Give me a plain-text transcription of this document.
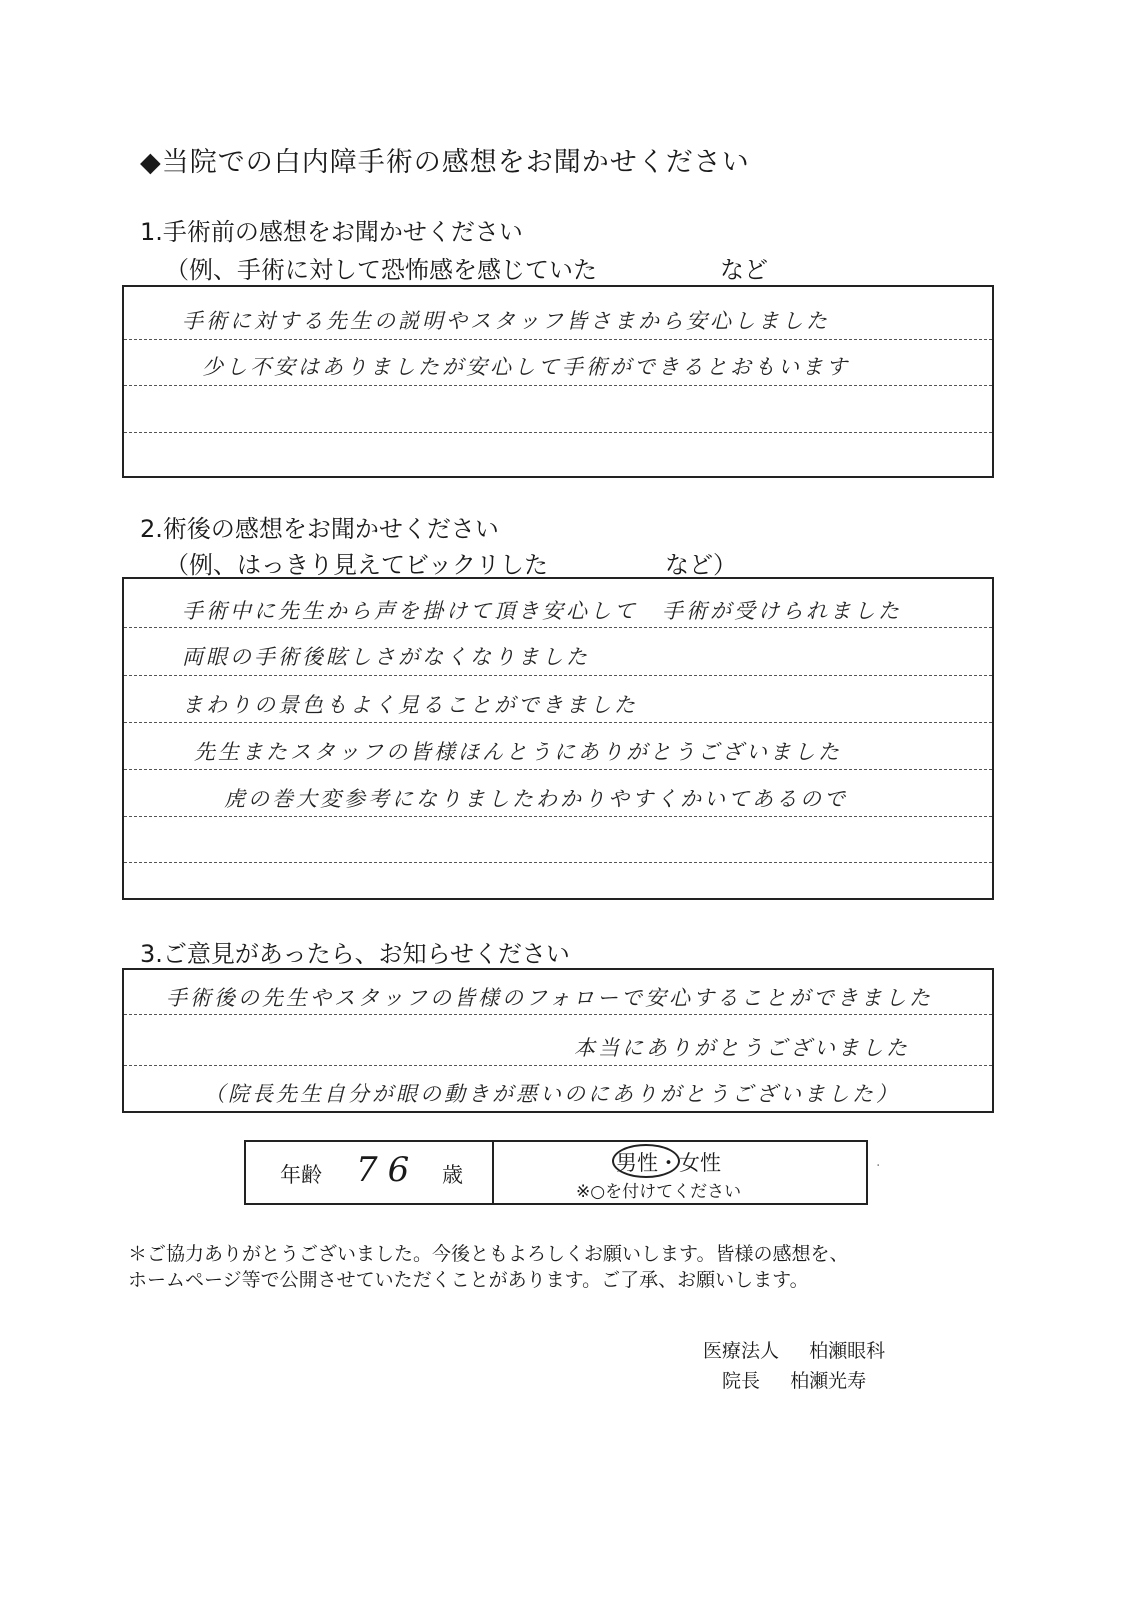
◆当院での白内障手術の感想をお聞かせください
1.手術前の感想をお聞かせください
（例、手術に対して恐怖感を感じていた	など
手術に対する先生の説明やスタッフ皆さまから安心しました
少し不安はありましたが安心して手術ができるとおもいます
2.術後の感想をお聞かせください
（例、はっきり見えてビックリした	など）
手術中に先生から声を掛けて頂き安心して　手術が受けられました
両眼の手術後眩しさがなくなりました
まわりの景色もよく見ることができました
先生またスタッフの皆様ほんとうにありがとうございました
虎の巻大変参考になりましたわかりやすくかいてあるので
3.ご意見があったら、お知らせください
手術後の先生やスタッフの皆様のフォローで安心することができました
本当にありがとうございました
（院長先生自分が眼の動きが悪いのにありがとうございました）
年齢 76 歳	男性・女性
※○を付けてください
·
＊ご協力ありがとうございました。今後ともよろしくお願いします。皆様の感想を、
ホームページ等で公開させていただくことがあります。ご了承、お願いします。
医療法人 柏瀬眼科
院長 柏瀬光寿
